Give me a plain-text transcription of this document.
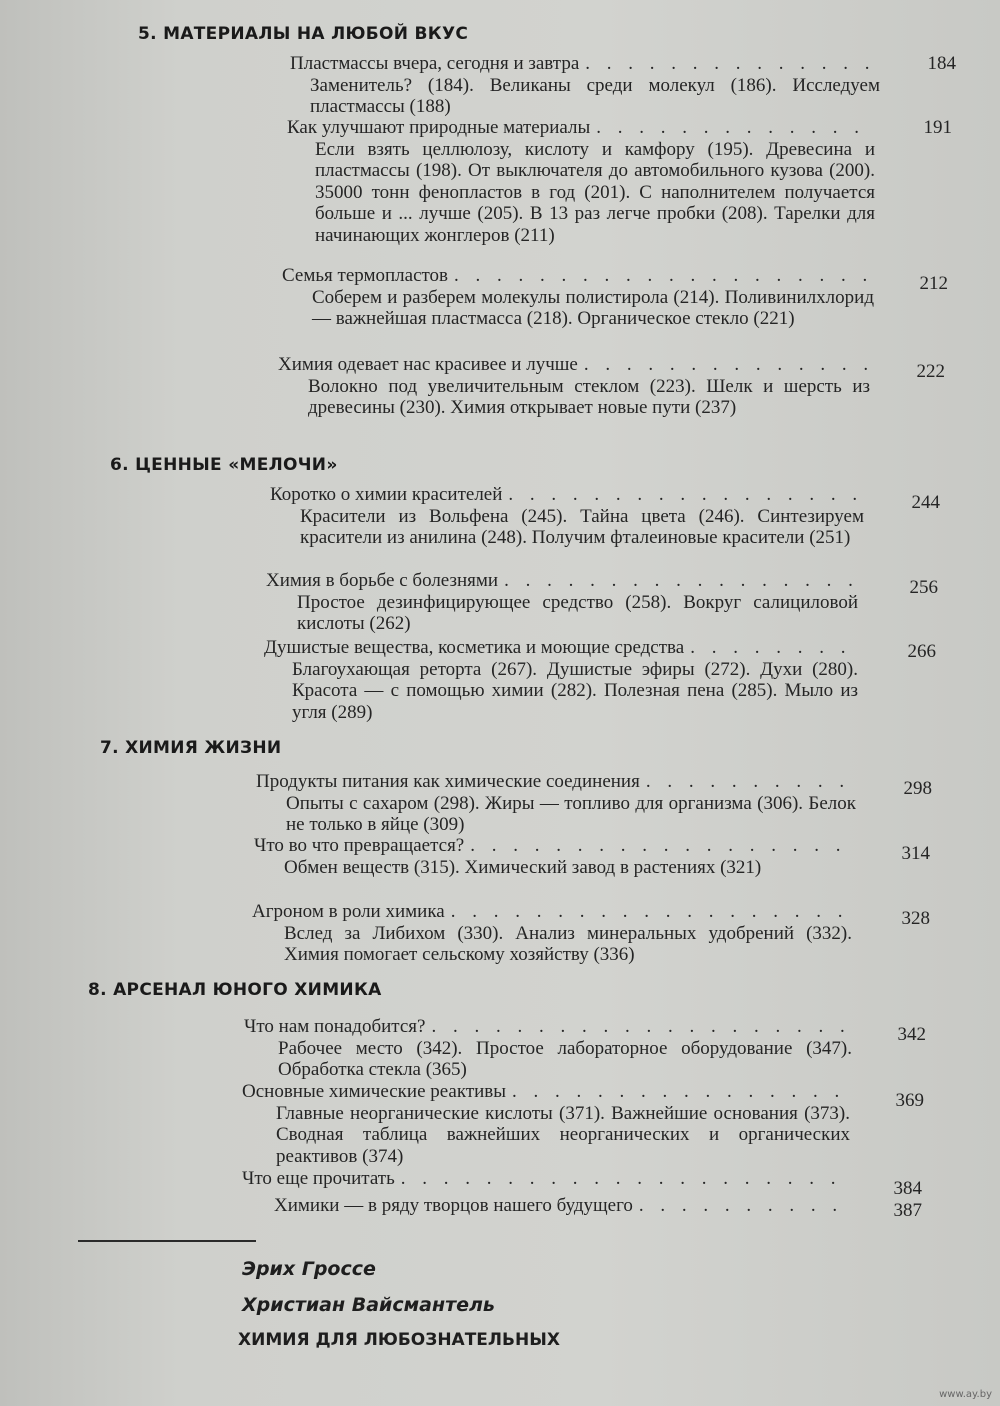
5. МАТЕРИАЛЫ НА ЛЮБОЙ ВКУС
Пластмассы вчера, сегодня и завтра
. . .
Заменитель? (184). Великаны среди молекул (186). Исследуем пластмассы (188)
184
Как улучшают природные материалы
. . .
Если взять целлюлозу, кислоту и камфору (195). Древесина и пластмассы (198). От выключателя до автомобильного кузова (200). 35000 тонн фенопластов в год (201). С наполнителем получается больше и ... лучше (205). В 13 раз легче пробки (208). Тарелки для начинающих жонглеров (211)
191
Семья термопластов
. . .
Соберем и разберем молекулы полистирола (214). Поливинилхлорид — важнейшая пластмасса (218). Органическое стекло (221)
212
Химия одевает нас красивее и лучше
. . .
Волокно под увеличительным стеклом (223). Шелк и шерсть из древесины (230). Химия открывает новые пути (237)
222
6. ЦЕННЫЕ «МЕЛОЧИ»
Коротко о химии красителей
. . .
Красители из Вольфена (245). Тайна цвета (246). Синтезируем красители из анилина (248). Получим фталеиновые красители (251)
244
Химия в борьбе с болезнями
. . .
Простое дезинфицирующее средство (258). Вокруг салициловой кислоты (262)
256
Душистые вещества, косметика и моющие средства
. . .
Благоухающая реторта (267). Душистые эфиры (272). Духи (280). Красота — с помощью химии (282). Полезная пена (285). Мыло из угля (289)
266
7. ХИМИЯ ЖИЗНИ
Продукты питания как химические соединения
. . .
Опыты с сахаром (298). Жиры — топливо для организма (306). Белок не только в яйце (309)
298
Что во что превращается?
. . .
Обмен веществ (315). Химический завод в растениях (321)
314
Агроном в роли химика
. . .
Вслед за Либихом (330). Анализ минеральных удобрений (332). Химия помогает сельскому хозяйству (336)
328
8. АРСЕНАЛ ЮНОГО ХИМИКА
Что нам понадобится?
. . .
Рабочее место (342). Простое лабораторное оборудование (347). Обработка стекла (365)
342
Основные химические реактивы
. . .
Главные неорганические кислоты (371). Важнейшие основания (373). Сводная таблица важнейших неорганических и органических реактивов (374)
369
Что еще прочитать . . .	384
Химики — в ряду творцов нашего будущего . . .	387
Эрих Гроссе
Христиан Вайсмантель
ХИМИЯ ДЛЯ ЛЮБОЗНАТЕЛЬНЫХ
www.ay.by
